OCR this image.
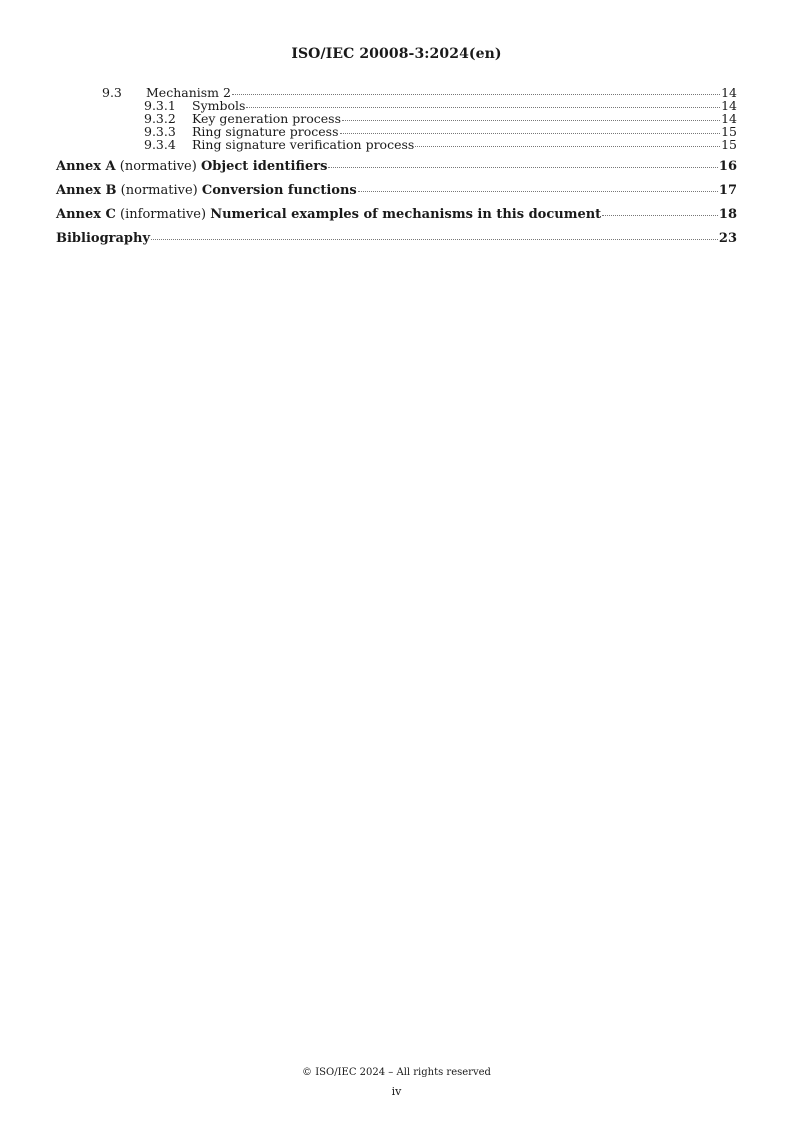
ISO/IEC 20008-3:2024(en)
9.3 Mechanism 2	14
9.3.1 Symbols	14
9.3.2 Key generation process	14
9.3.3 Ring signature process	15
9.3.4 Ring signature verification process	15
Annex A (normative) Object identifiers	16
Annex B (normative) Conversion functions	17
Annex C (informative) Numerical examples of mechanisms in this document	18
Bibliography	23
© ISO/IEC 2024 – All rights reserved
iv
